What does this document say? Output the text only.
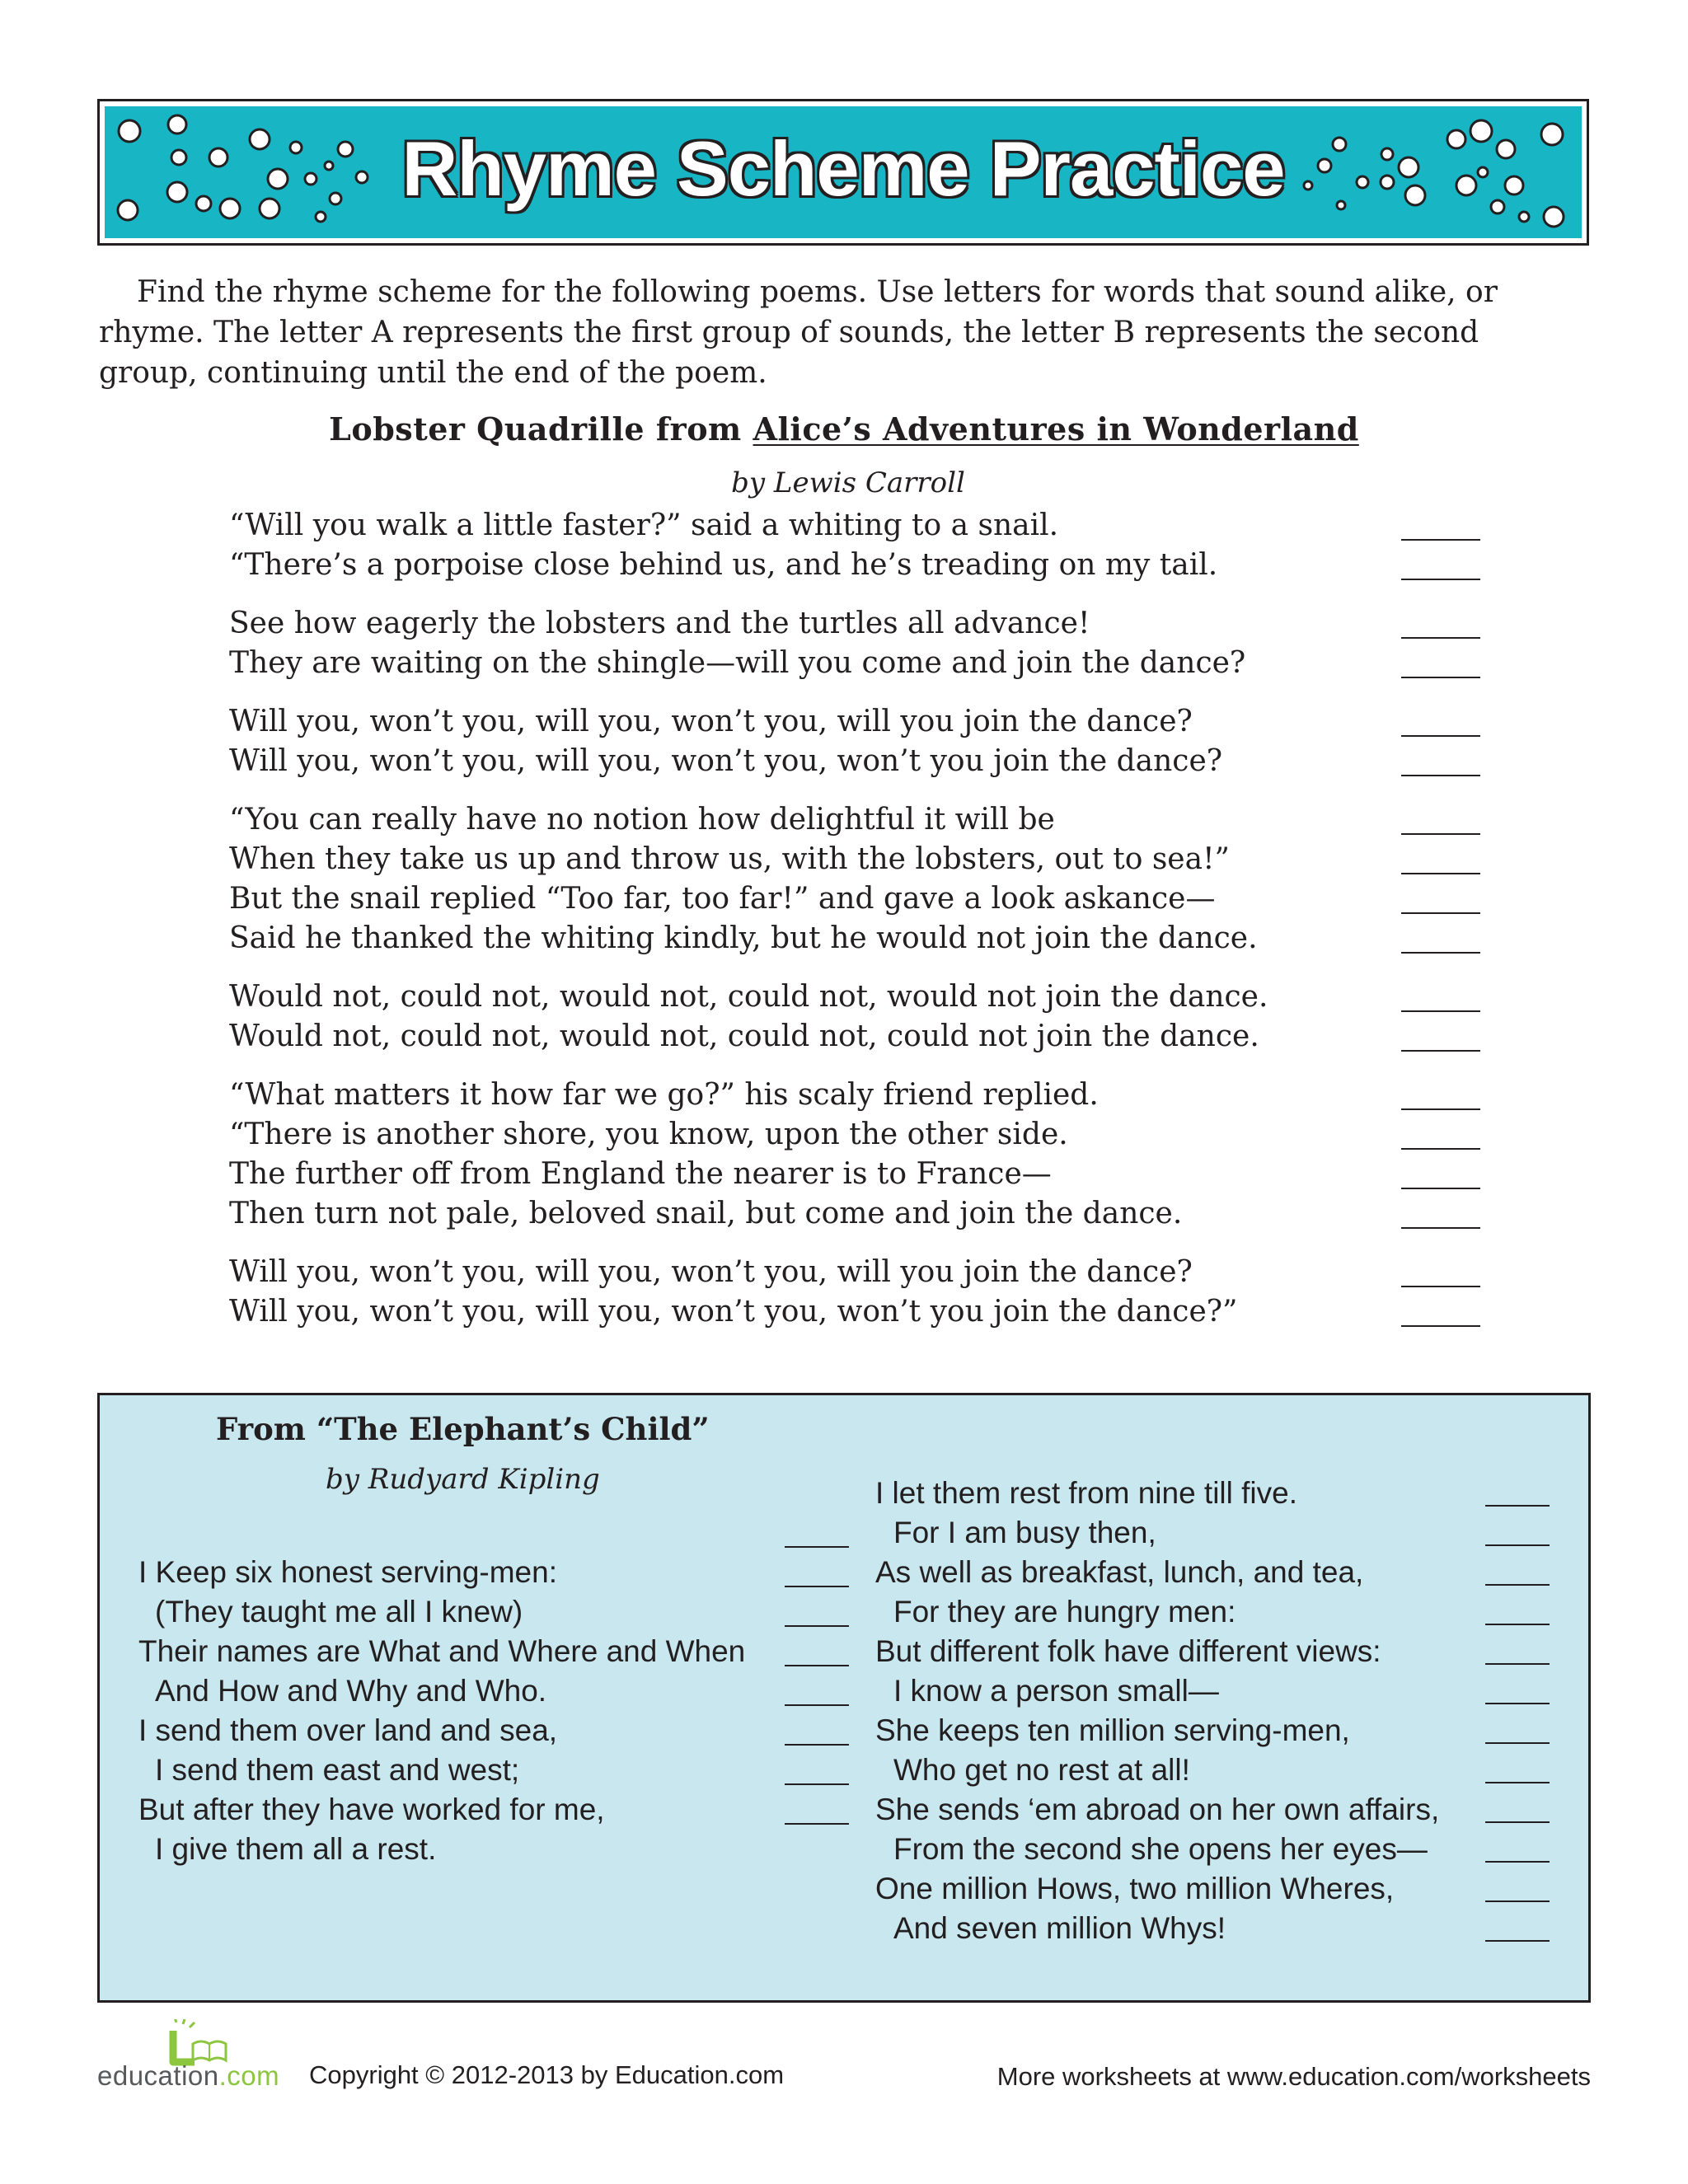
Rhyme Scheme Practice

Find the rhyme scheme for the following poems. Use letters for words that sound alike, or rhyme. The letter A represents the first group of sounds, the letter B represents the second group, continuing until the end of the poem.

Lobster Quadrille from Alice’s Adventures in Wonderland
by Lewis Carroll
“Will you walk a little faster?” said a whiting to a snail.
“There’s a porpoise close behind us, and he’s treading on my tail.
See how eagerly the lobsters and the turtles all advance!
They are waiting on the shingle—will you come and join the dance?
Will you, won’t you, will you, won’t you, will you join the dance?
Will you, won’t you, will you, won’t you, won’t you join the dance?
“You can really have no notion how delightful it will be
When they take us up and throw us, with the lobsters, out to sea!”
But the snail replied “Too far, too far!” and gave a look askance—
Said he thanked the whiting kindly, but he would not join the dance.
Would not, could not, would not, could not, would not join the dance.
Would not, could not, would not, could not, could not join the dance.
“What matters it how far we go?” his scaly friend replied.
“There is another shore, you know, upon the other side.
The further off from England the nearer is to France—
Then turn not pale, beloved snail, but come and join the dance.
Will you, won’t you, will you, won’t you, will you join the dance?
Will you, won’t you, will you, won’t you, won’t you join the dance?”
From “The Elephant’s Child”
by Rudyard Kipling
I Keep six honest serving-men:
(They taught me all I knew)
Their names are What and Where and When
And How and Why and Who.
I send them over land and sea,
I send them east and west;
But after they have worked for me,
I give them all a rest.
I let them rest from nine till five.
For I am busy then,
As well as breakfast, lunch, and tea,
For they are hungry men:
But different folk have different views:
I know a person small—
She keeps ten million serving-men,
Who get no rest at all!
She sends ‘em abroad on her own affairs,
From the second she opens her eyes—
One million Hows, two million Wheres,
And seven million Whys!
education.com Copyright © 2012-2013 by Education.com	More worksheets at www.education.com/worksheets
